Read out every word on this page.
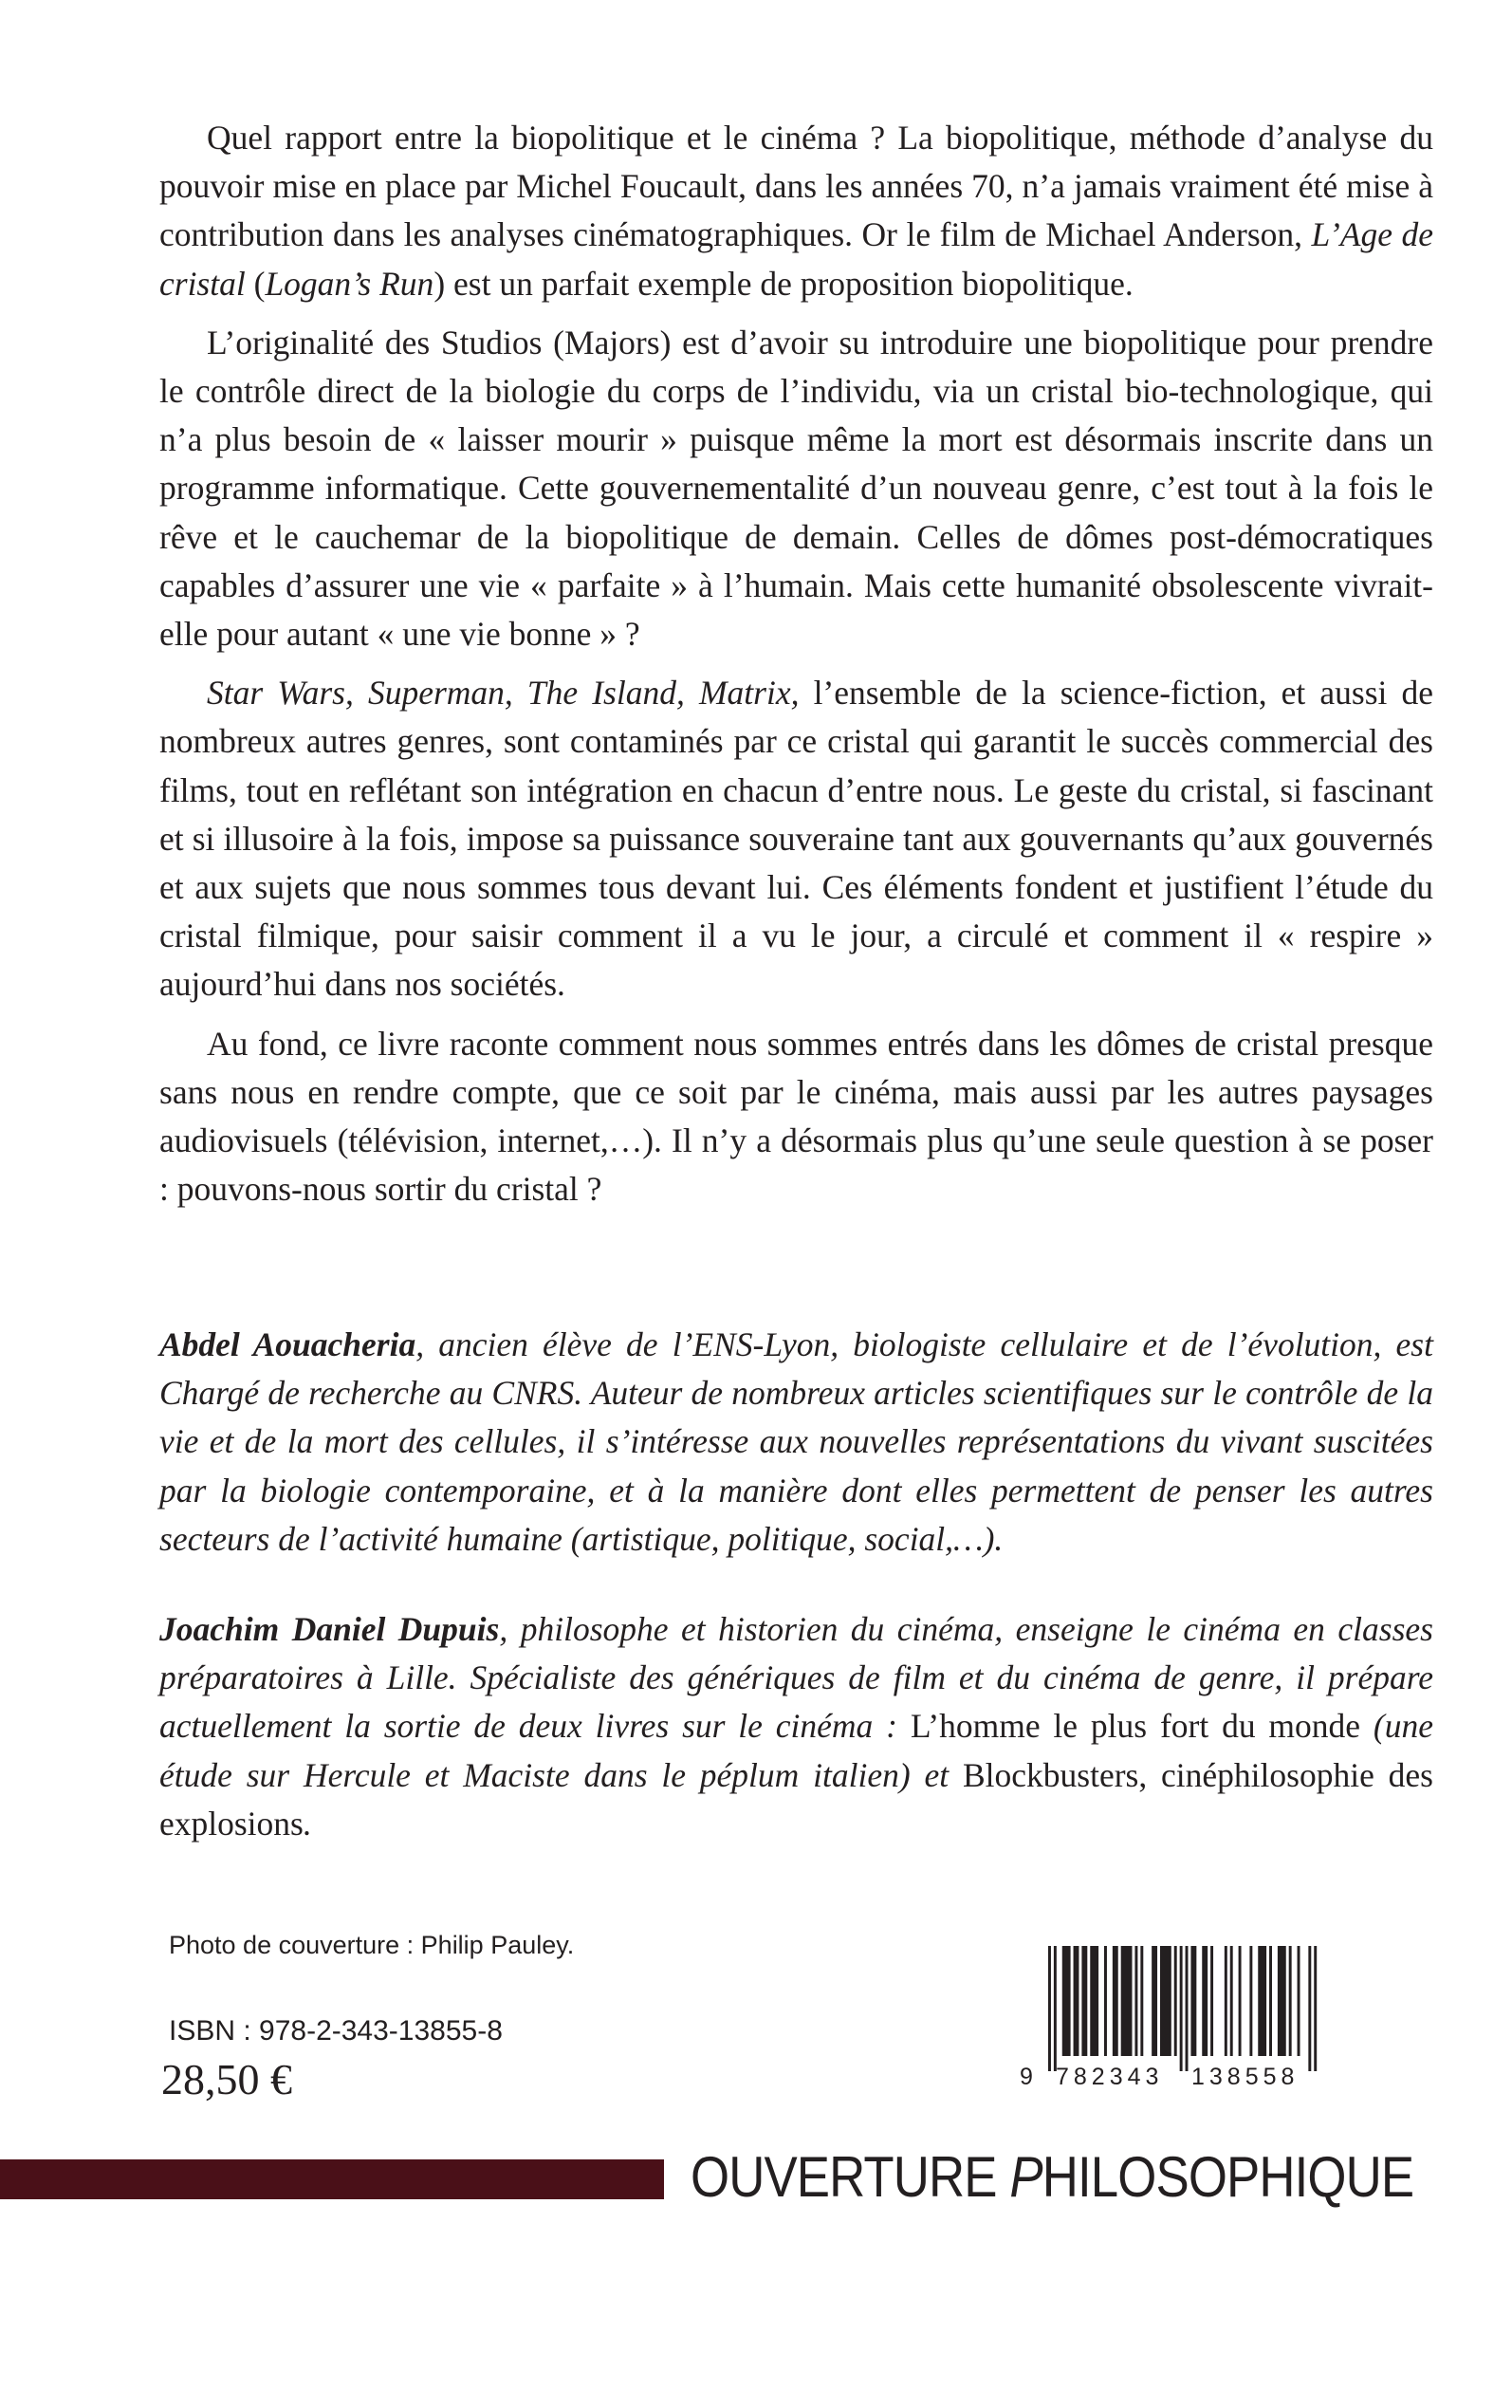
Quel rapport entre la biopolitique et le cinéma ? La biopolitique, méthode d’analyse du pouvoir mise en place par Michel Foucault, dans les années 70, n’a jamais vraiment été mise à contribution dans les analyses cinématographiques. Or le film de Michael Anderson, L’Age de cristal (Logan’s Run) est un parfait exemple de proposition biopolitique.

L’originalité des Studios (Majors) est d’avoir su introduire une biopolitique pour prendre le contrôle direct de la biologie du corps de l’individu, via un cristal bio-technologique, qui n’a plus besoin de « laisser mourir » puisque même la mort est désormais inscrite dans un programme informatique. Cette gouvernementalité d’un nouveau genre, c’est tout à la fois le rêve et le cauchemar de la biopolitique de demain. Celles de dômes post-démocratiques capables d’assurer une vie « parfaite » à l’humain. Mais cette humanité obsolescente vivrait-elle pour autant « une vie bonne » ?

Star Wars, Superman, The Island, Matrix, l’ensemble de la science-fiction, et aussi de nombreux autres genres, sont contaminés par ce cristal qui garantit le succès commercial des films, tout en reflétant son intégration en chacun d’entre nous. Le geste du cristal, si fascinant et si illusoire à la fois, impose sa puissance souveraine tant aux gouvernants qu’aux gouvernés et aux sujets que nous sommes tous devant lui. Ces éléments fondent et justifient l’étude du cristal filmique, pour saisir comment il a vu le jour, a circulé et comment il « respire » aujourd’hui dans nos sociétés.

Au fond, ce livre raconte comment nous sommes entrés dans les dômes de cristal presque sans nous en rendre compte, que ce soit par le cinéma, mais aussi par les autres paysages audiovisuels (télévision, internet,…). Il n’y a désormais plus qu’une seule question à se poser : pouvons-nous sortir du cristal ?

Abdel Aouacheria, ancien élève de l’ENS-Lyon, biologiste cellulaire et de l’évolution, est Chargé de recherche au CNRS. Auteur de nombreux articles scientifiques sur le contrôle de la vie et de la mort des cellules, il s’intéresse aux nouvelles représentations du vivant suscitées par la biologie contemporaine, et à la manière dont elles permettent de penser les autres secteurs de l’activité humaine (artistique, politique, social,…).

Joachim Daniel Dupuis, philosophe et historien du cinéma, enseigne le cinéma en classes préparatoires à Lille. Spécialiste des génériques de film et du cinéma de genre, il prépare actuellement la sortie de deux livres sur le cinéma : L’homme le plus fort du monde (une étude sur Hercule et Maciste dans le péplum italien) et Blockbusters, cinéphilosophie des explosions.

Photo de couverture : Philip Pauley.
ISBN : 978-2-343-13855-8
28,50 €	9 782343 138558
OUVERTURE PHILOSOPHIQUE
